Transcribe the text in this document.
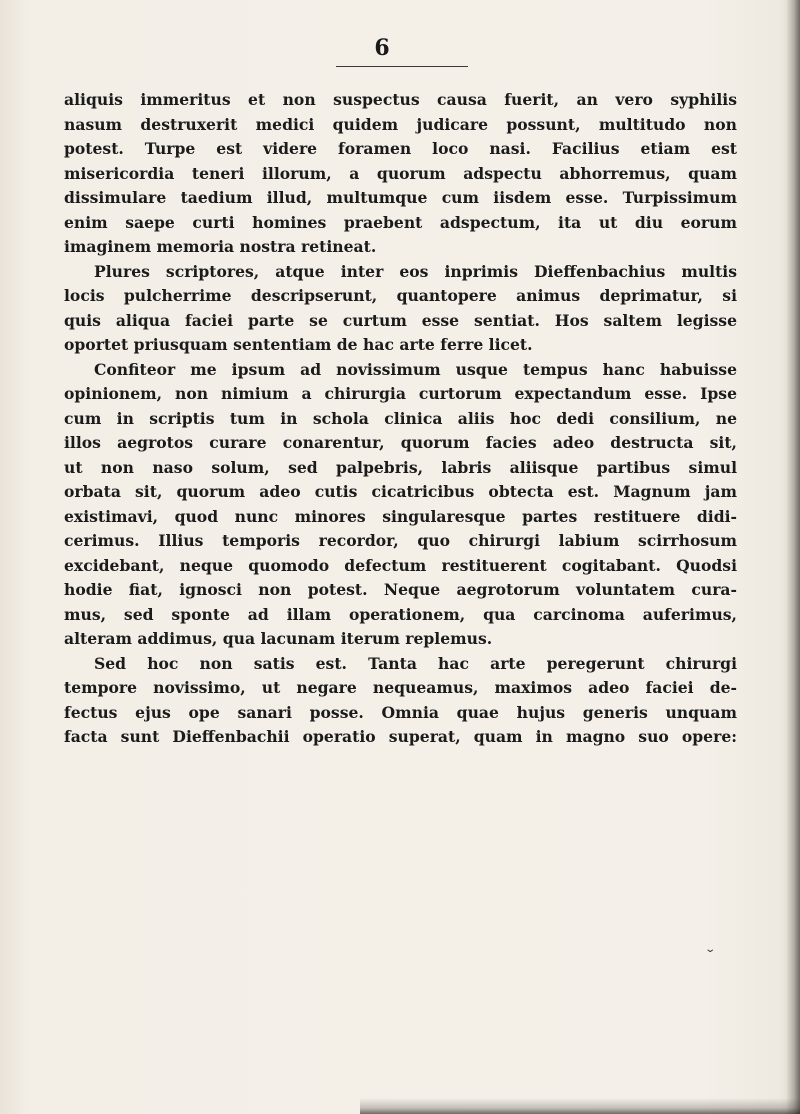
6

aliquis immeritus et non suspectus causa fuerit, an vero syphilis
nasum destruxerit medici quidem judicare possunt, multitudo non
potest. Turpe est videre foramen loco nasi. Facilius etiam est
misericordia teneri illorum, a quorum adspectu abhorremus, quam
dissimulare taedium illud, multumque cum iisdem esse. Turpissimum
enim saepe curti homines praebent adspectum, ita ut diu eorum
imaginem memoria nostra retineat.

Plures scriptores, atque inter eos inprimis Dieffenbachius multis
locis pulcherrime descripserunt, quantopere animus deprimatur, si
quis aliqua faciei parte se curtum esse sentiat. Hos saltem legisse
oportet priusquam sententiam de hac arte ferre licet.

Confiteor me ipsum ad novissimum usque tempus hanc habuisse
opinionem, non nimium a chirurgia curtorum expectandum esse. Ipse
cum in scriptis tum in schola clinica aliis hoc dedi consilium, ne
illos aegrotos curare conarentur, quorum facies adeo destructa sit,
ut non naso solum, sed palpebris, labris aliisque partibus simul
orbata sit, quorum adeo cutis cicatricibus obtecta est. Magnum jam
existimavi, quod nunc minores singularesque partes restituere didi-
cerimus. Illius temporis recordor, quo chirurgi labium scirrhosum
excidebant, neque quomodo defectum restituerent cogitabant. Quodsi
hodie fiat, ignosci non potest. Neque aegrotorum voluntatem cura-
mus, sed sponte ad illam operationem, qua carcinoma auferimus,
alteram addimus, qua lacunam iterum replemus.

Sed hoc non satis est. Tanta hac arte peregerunt chirurgi
tempore novissimo, ut negare nequeamus, maximos adeo faciei de-
fectus ejus ope sanari posse. Omnia quae hujus generis unquam
facta sunt Dieffenbachii operatio superat, quam in magno suo opere:

⌄
